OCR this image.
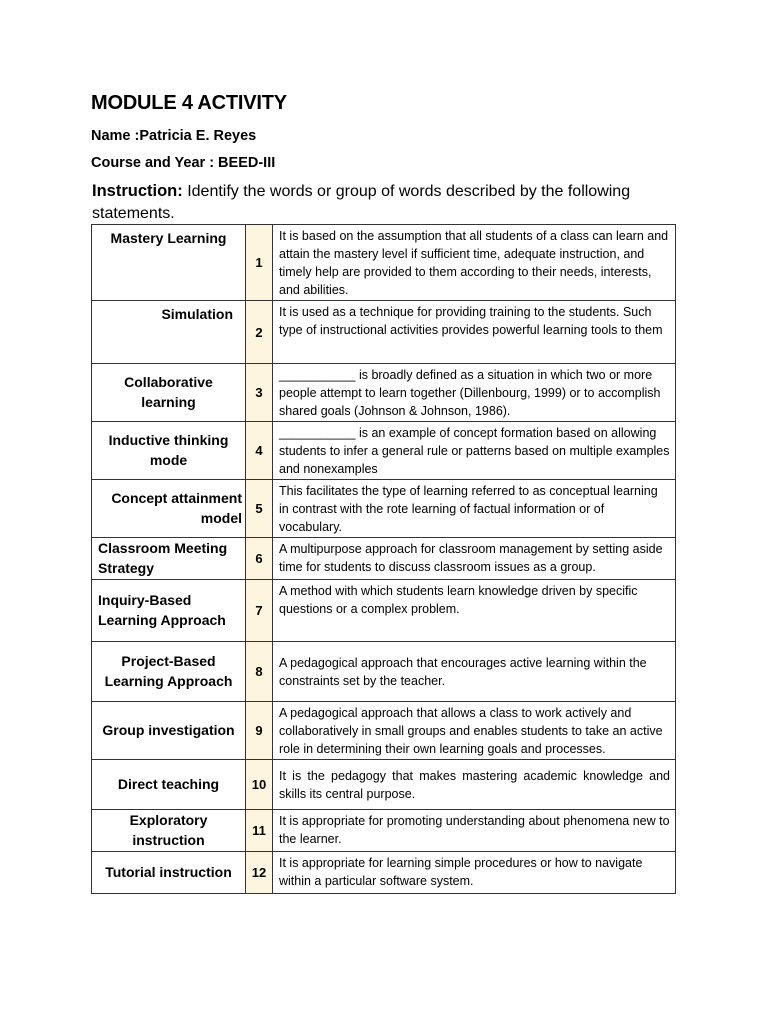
MODULE 4 ACTIVITY
Name :Patricia E. Reyes
Course and Year : BEED-III
Instruction: Identify the words or group of words described by the following statements.
Mastery Learning	1	It is based on the assumption that all students of a class can learn and attain the mastery level if sufficient time, adequate instruction, and timely help are provided to them according to their needs, interests, and abilities.
Simulation	2	It is used as a technique for providing training to the students. Such type of instructional activities provides powerful learning tools to them
Collaborative learning	3	___________ is broadly defined as a situation in which two or more people attempt to learn together (Dillenbourg, 1999) or to accomplish shared goals (Johnson & Johnson, 1986).
Inductive thinking mode	4	___________ is an example of concept formation based on allowing students to infer a general rule or patterns based on multiple examples and nonexamples
Concept attainment model	5	This facilitates the type of learning referred to as conceptual learning in contrast with the rote learning of factual information or of vocabulary.
Classroom Meeting Strategy	6	A multipurpose approach for classroom management by setting aside time for students to discuss classroom issues as a group.
Inquiry-Based Learning Approach	7	A method with which students learn knowledge driven by specific questions or a complex problem.
Project-Based Learning Approach	8	A pedagogical approach that encourages active learning within the constraints set by the teacher.
Group investigation	9	A pedagogical approach that allows a class to work actively and collaboratively in small groups and enables students to take an active role in determining their own learning goals and processes.
Direct teaching	10	It is the pedagogy that makes mastering academic knowledge and skills its central purpose.
Exploratory instruction	11	It is appropriate for promoting understanding about phenomena new to the learner.
Tutorial instruction	12	It is appropriate for learning simple procedures or how to navigate within a particular software system.
